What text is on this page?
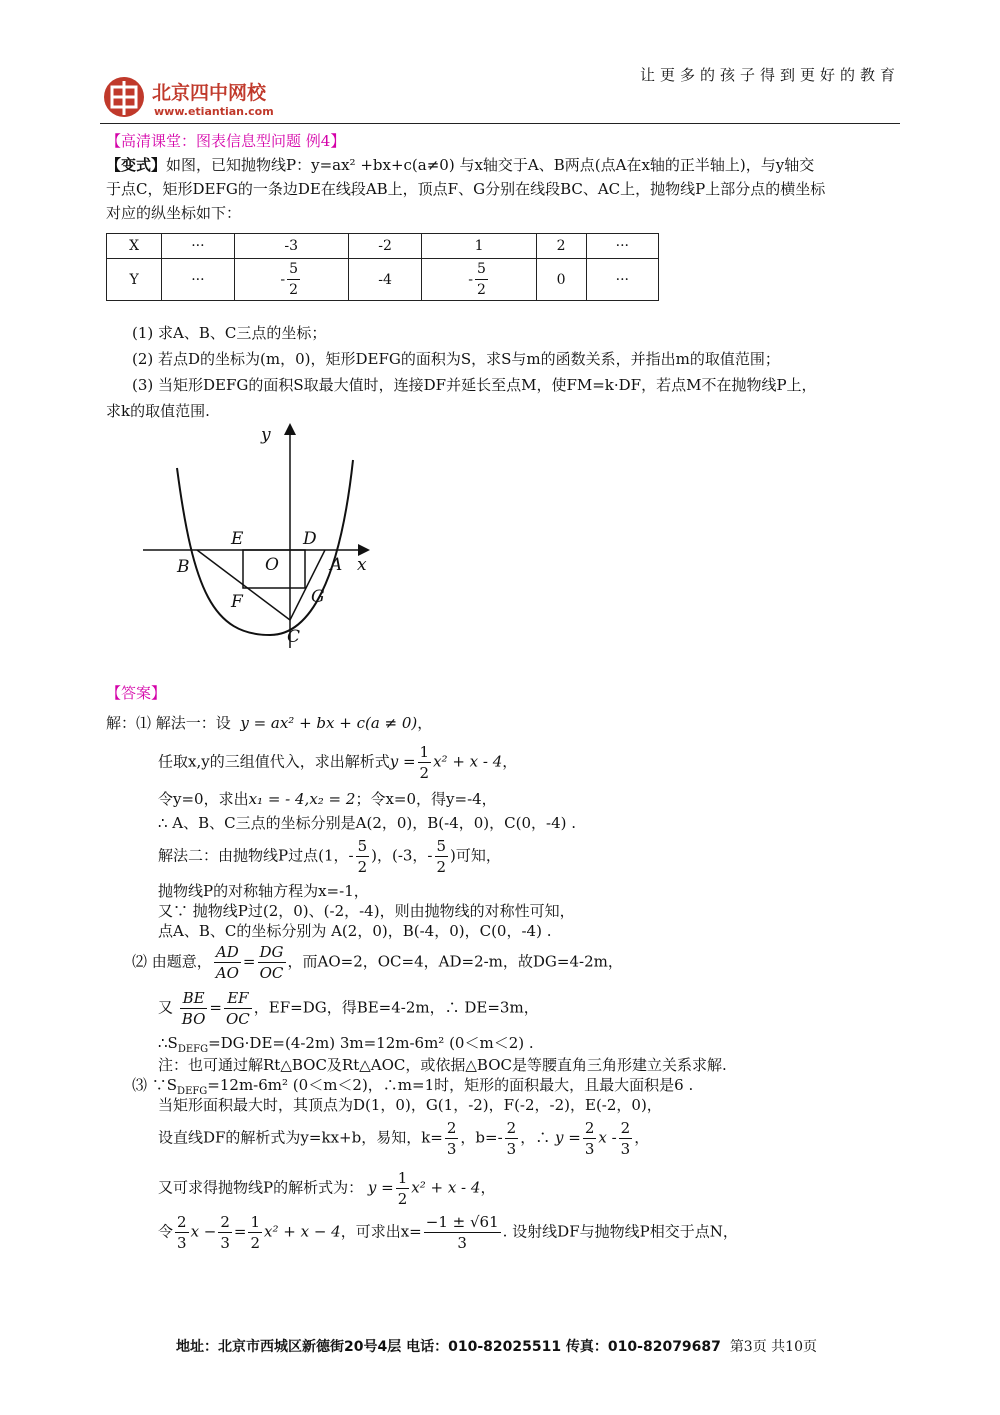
让更多的孩子得到更好的教育
北京四中网校
www.etiantian.com
【高清课堂：图表信息型问题 例4】
【变式】如图，已知抛物线P：y=ax² +bx+c(a≠0) 与x轴交于A、B两点(点A在x轴的正半轴上)，与y轴交
于点C，矩形DEFG的一条边DE在线段AB上，顶点F、G分别在线段BC、AC上，抛物线P上部分点的横坐标
对应的纵坐标如下：
X	···	-3	-2	1	2	···
Y	···	- $\frac{5}{2}$	-4	- $\frac{5}{2}$	0	···
(1) 求A、B、C三点的坐标；
(2) 若点D的坐标为(m，0)，矩形DEFG的面积为S，求S与m的函数关系，并指出m的取值范围；
(3) 当矩形DEFG的面积S取最大值时，连接DF并延长至点M，使FM=k·DF，若点M不在抛物线P上，
求k的取值范围.
y
x
E	D
B	O	A
F	G
C
【答案】
解：⑴ 解法一：设 y = ax² + bx + c(a ≠ 0)，
任取x,y的三组值代入，求出解析式$y = \frac{1}{2} x^2 + x - 4$，
令y=0，求出x₁ = - 4,x₂ = 2；令x=0，得y=-4，
∴ A、B、C三点的坐标分别是A(2，0)，B(-4，0)，C(0，-4) .
解法二：由抛物线P过点(1，- $\frac{5}{2}$ )，(-3，- $\frac{5}{2}$ )可知，
抛物线P的对称轴方程为x=-1，
又∵ 抛物线P过(2，0)、(-2，-4)，则由抛物线的对称性可知，
点A、B、C的坐标分别为 A(2，0)，B(-4，0)，C(0，-4) .
⑵ 由题意， $\frac{AD}{AO} = \frac{DG}{OC}$ ，而AO=2，OC=4，AD=2-m，故DG=4-2m，
又 $\frac{BE}{BO} = \frac{EF}{OC}$ ，EF=DG，得BE=4-2m，∴ DE=3m，
$\therefore S_{DEFG}=DG\cdot DE=(4-2m)$ 3m=12m-6m² (0＜m＜2) .
注：也可通过解Rt△BOC及Rt△AOC，或依据△BOC是等腰直角三角形建立关系求解.
⑶ $\because S_{DEFG}=12m-6m^2$ (0＜m＜2)，∴m=1时，矩形的面积最大，且最大面积是6 .
当矩形面积最大时，其顶点为D(1，0)，G(1，-2)，F(-2，-2)，E(-2，0)，
设直线DF的解析式为y=kx+b，易知，$k= \frac{2}{3}$ ，$b=- \frac{2}{3}$ ，∴ $y = \frac{2}{3}$ x - $\frac{2}{3}$ ，
又可求得抛物线P的解析式为： $y = \frac{1}{2} x^2 + x - 4$，
令 $\frac{2}{3}$ $x - \frac{2}{3} = \frac{1}{2} x^2 + x - 4$，可求出$x= \frac{-1 \pm √61}{3}$ . 设射线DF与抛物线P相交于点N，
地址：北京市西城区新德街20号4层 电话：010-82025511 传真：010-82079687 第3页 共10页
